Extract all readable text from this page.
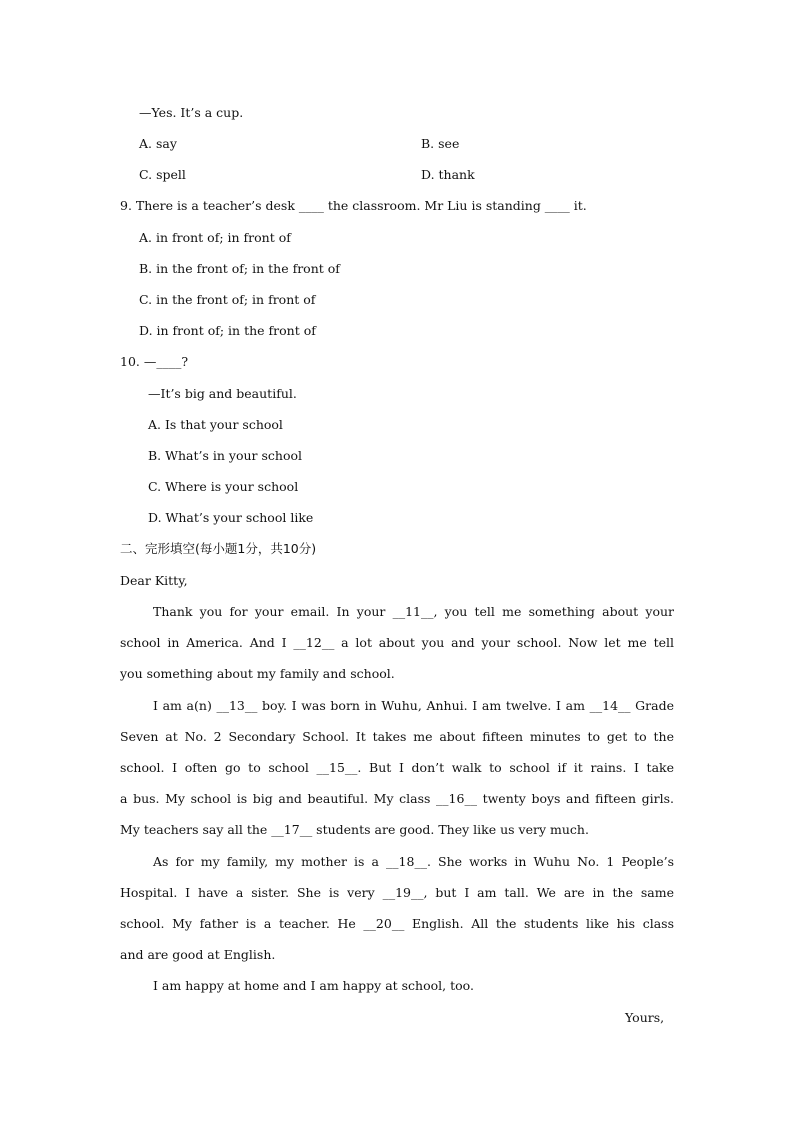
—Yes. It’s a cup.
A. say	B. see
C. spell	D. thank
9. There is a teacher’s desk ____ the classroom. Mr Liu is standing ____ it.
A. in front of; in front of
B. in the front of; in the front of
C. in the front of; in front of
D. in front of; in the front of
10. —____?
—It’s big and beautiful.
A. Is that your school
B. What’s in your school
C. Where is your school
D. What’s your school like
二、完形填空(每小题1分，共10分)
Dear Kitty,
Thank you for your email. In your __11__, you tell me something about your
school in America. And I __12__ a lot about you and your school. Now let me tell
you something about my family and school.
I am a(n) __13__ boy. I was born in Wuhu, Anhui. I am twelve. I am __14__ Grade
Seven at No. 2 Secondary School. It takes me about fifteen minutes to get to the
school. I often go to school __15__. But I don’t walk to school if it rains. I take
a bus. My school is big and beautiful. My class __16__ twenty boys and fifteen girls.
My teachers say all the __17__ students are good. They like us very much.
As for my family, my mother is a __18__. She works in Wuhu No. 1 People’s
Hospital. I have a sister. She is very __19__, but I am tall. We are in the same
school. My father is a teacher. He __20__ English. All the students like his class
and are good at English.
I am happy at home and I am happy at school, too.
Yours,
